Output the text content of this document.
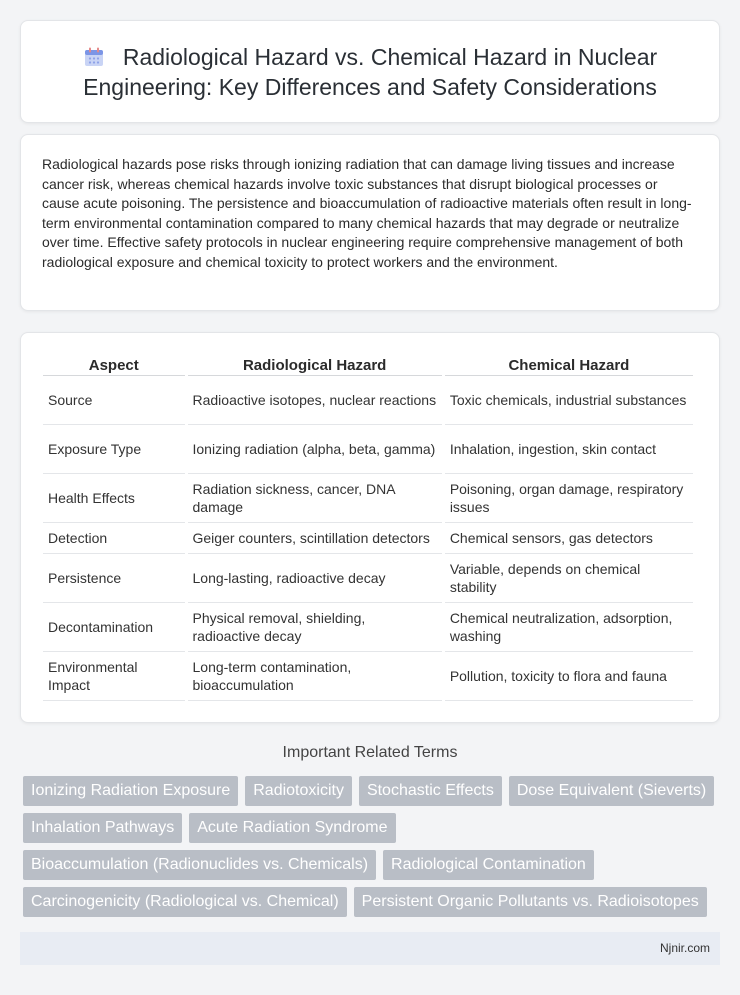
Radiological Hazard vs. Chemical Hazard in Nuclear Engineering: Key Differences and Safety Considerations

Radiological hazards pose risks through ionizing radiation that can damage living tissues and increase cancer risk, whereas chemical hazards involve toxic substances that disrupt biological processes or cause acute poisoning. The persistence and bioaccumulation of radioactive materials often result in long-term environmental contamination compared to many chemical hazards that may degrade or neutralize over time. Effective safety protocols in nuclear engineering require comprehensive management of both radiological exposure and chemical toxicity to protect workers and the environment.

Aspect	Radiological Hazard	Chemical Hazard
Source	Radioactive isotopes, nuclear reactions	Toxic chemicals, industrial substances
Exposure Type	Ionizing radiation (alpha, beta, gamma)	Inhalation, ingestion, skin contact
Health Effects	Radiation sickness, cancer, DNA damage	Poisoning, organ damage, respiratory issues
Detection	Geiger counters, scintillation detectors	Chemical sensors, gas detectors
Persistence	Long-lasting, radioactive decay	Variable, depends on chemical stability
Decontamination	Physical removal, shielding, radioactive decay	Chemical neutralization, adsorption, washing
Environmental Impact	Long-term contamination, bioaccumulation	Pollution, toxicity to flora and fauna
Important Related Terms
Ionizing Radiation Exposure	Radiotoxicity	Stochastic Effects	Dose Equivalent (Sieverts)
Inhalation Pathways	Acute Radiation Syndrome
Bioaccumulation (Radionuclides vs. Chemicals)	Radiological Contamination
Carcinogenicity (Radiological vs. Chemical)	Persistent Organic Pollutants vs. Radioisotopes
Njnir.com
